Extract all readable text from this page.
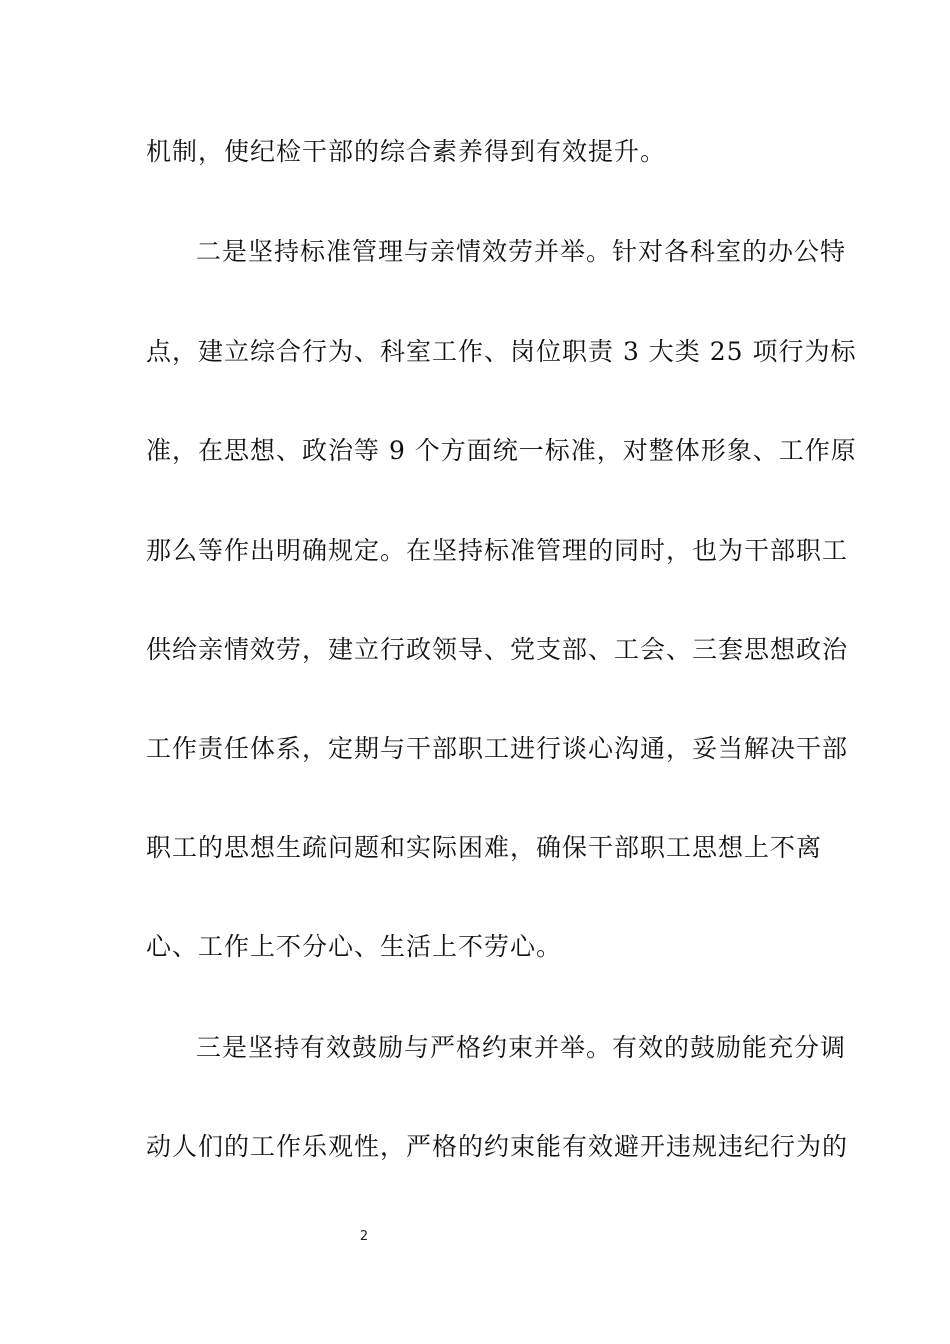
机制，使纪检干部的综合素养得到有效提升。
二是坚持标准管理与亲情效劳并举。针对各科室的办公特
点，建立综合行为、科室工作、岗位职责 3 大类 25 项行为标
准，在思想、政治等 9 个方面统一标准，对整体形象、工作原
那么等作出明确规定。在坚持标准管理的同时，也为干部职工
供给亲情效劳，建立行政领导、党支部、工会、三套思想政治
工作责任体系，定期与干部职工进行谈心沟通，妥当解决干部
职工的思想生疏问题和实际困难，确保干部职工思想上不离
心、工作上不分心、生活上不劳心。
三是坚持有效鼓励与严格约束并举。有效的鼓励能充分调
动人们的工作乐观性，严格的约束能有效避开违规违纪行为的
2
